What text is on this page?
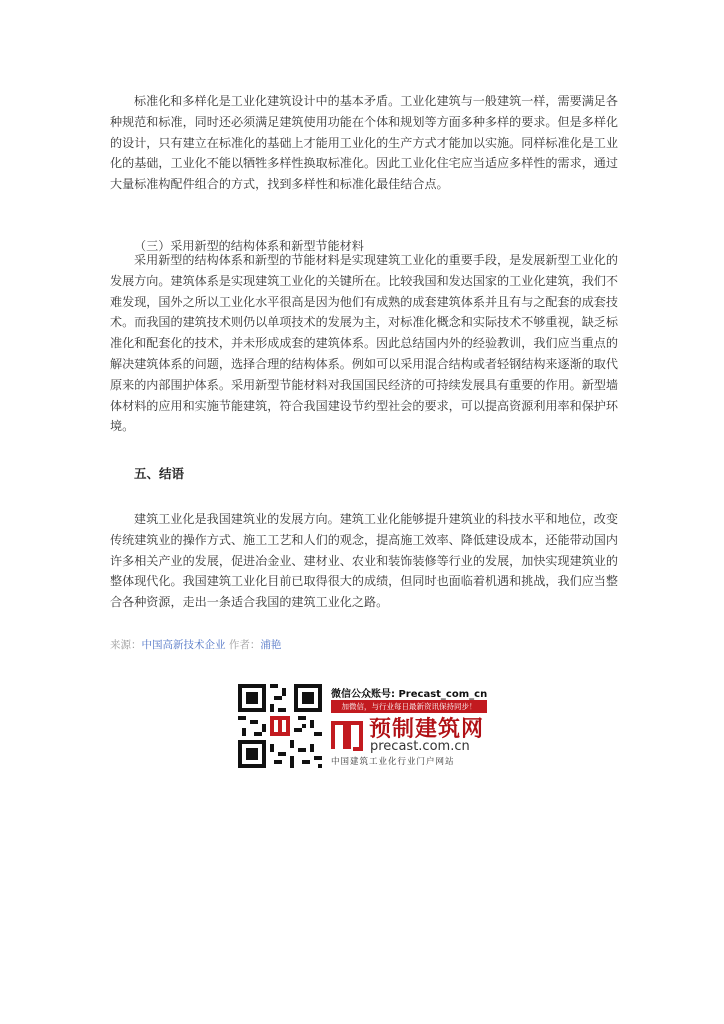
标准化和多样化是工业化建筑设计中的基本矛盾。工业化建筑与一般建筑一样，需要满足各种规范和标准，同时还必须满足建筑使用功能在个体和规划等方面多种多样的要求。但是多样化的设计，只有建立在标准化的基础上才能用工业化的生产方式才能加以实施。同样标准化是工业化的基础，工业化不能以牺牲多样性换取标准化。因此工业化住宅应当适应多样性的需求，通过大量标准构配件组合的方式，找到多样性和标准化最佳结合点。

（三）采用新型的结构体系和新型节能材料

采用新型的结构体系和新型的节能材料是实现建筑工业化的重要手段，是发展新型工业化的发展方向。建筑体系是实现建筑工业化的关键所在。比较我国和发达国家的工业化建筑，我们不难发现，国外之所以工业化水平很高是因为他们有成熟的成套建筑体系并且有与之配套的成套技术。而我国的建筑技术则仍以单项技术的发展为主，对标准化概念和实际技术不够重视，缺乏标准化和配套化的技术，并未形成成套的建筑体系。因此总结国内外的经验教训，我们应当重点的解决建筑体系的问题，选择合理的结构体系。例如可以采用混合结构或者轻钢结构来逐渐的取代原来的内部围护体系。采用新型节能材料对我国国民经济的可持续发展具有重要的作用。新型墙体材料的应用和实施节能建筑，符合我国建设节约型社会的要求，可以提高资源利用率和保护环境。

五、结语

建筑工业化是我国建筑业的发展方向。建筑工业化能够提升建筑业的科技水平和地位，改变传统建筑业的操作方式、施工工艺和人们的观念，提高施工效率、降低建设成本，还能带动国内许多相关产业的发展，促进冶金业、建材业、农业和装饰装修等行业的发展，加快实现建筑业的整体现代化。我国建筑工业化目前已取得很大的成绩，但同时也面临着机遇和挑战，我们应当整合各种资源，走出一条适合我国的建筑工业化之路。

来源：中国高新技术企业 作者：浦艳
微信公众账号: Precast_com_cn
加微信，与行业每日最新资讯保持同步！
预制建筑网
precast.com.cn
中国建筑工业化行业门户网站
